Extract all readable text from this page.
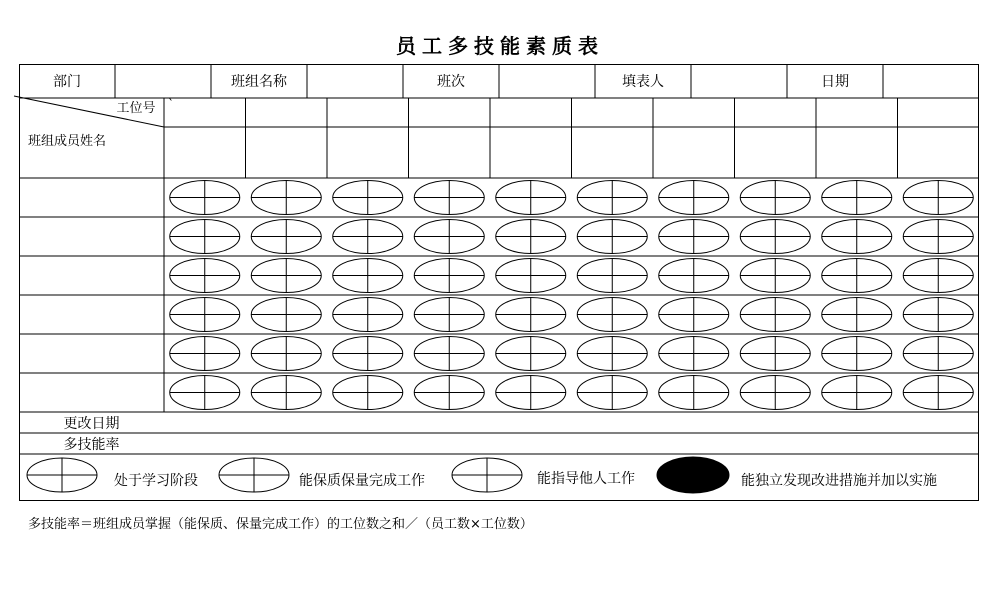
员工多技能素质表
部门	班组名称	班次	填表人	日期
工位号	`
班组成员姓名
更改日期
多技能率
处于学习阶段	能保质保量完成工作	能指导他人工作	能独立发现改进措施并加以实施
多技能率＝班组成员掌握（能保质、保量完成工作）的工位数之和／（员工数×工位数）
